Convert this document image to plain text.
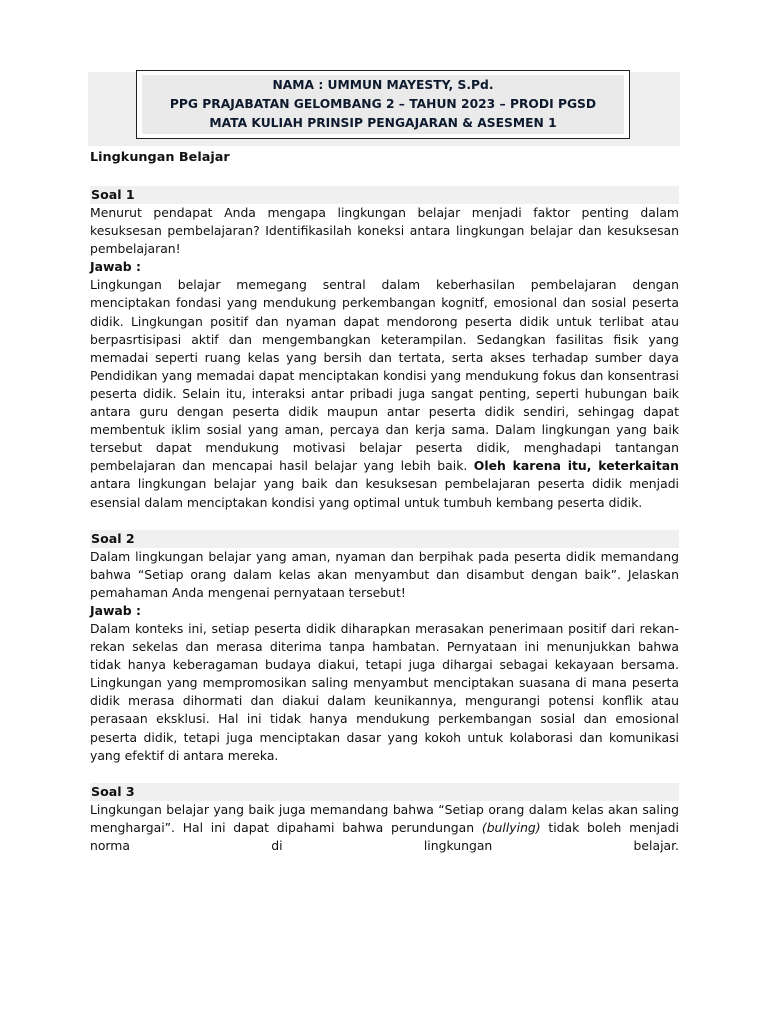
NAMA : UMMUN MAYESTY, S.Pd.
PPG PRAJABATAN GELOMBANG 2 – TAHUN 2023 – PRODI PGSD
MATA KULIAH PRINSIP PENGAJARAN & ASESMEN 1
Lingkungan Belajar
Soal 1

Menurut pendapat Anda mengapa lingkungan belajar menjadi faktor penting dalam kesuksesan pembelajaran? Identifikasilah koneksi antara lingkungan belajar dan kesuksesan pembelajaran!

Jawab :

Lingkungan belajar memegang sentral dalam keberhasilan pembelajaran dengan menciptakan fondasi yang mendukung perkembangan kognitf, emosional dan sosial peserta didik. Lingkungan positif dan nyaman dapat mendorong peserta didik untuk terlibat atau berpasrtisipasi aktif dan mengembangkan keterampilan. Sedangkan fasilitas fisik yang memadai seperti ruang kelas yang bersih dan tertata, serta akses terhadap sumber daya Pendidikan yang memadai dapat menciptakan kondisi yang mendukung fokus dan konsentrasi peserta didik. Selain itu, interaksi antar pribadi juga sangat penting, seperti hubungan baik antara guru dengan peserta didik maupun antar peserta didik sendiri, sehingag dapat membentuk iklim sosial yang aman, percaya dan kerja sama. Dalam lingkungan yang baik tersebut dapat mendukung motivasi belajar peserta didik, menghadapi tantangan pembelajaran dan mencapai hasil belajar yang lebih baik. Oleh karena itu, keterkaitan antara lingkungan belajar yang baik dan kesuksesan pembelajaran peserta didik menjadi esensial dalam menciptakan kondisi yang optimal untuk tumbuh kembang peserta didik.

Soal 2

Dalam lingkungan belajar yang aman, nyaman dan berpihak pada peserta didik memandang bahwa “Setiap orang dalam kelas akan menyambut dan disambut dengan baik”. Jelaskan pemahaman Anda mengenai pernyataan tersebut!

Jawab :

Dalam konteks ini, setiap peserta didik diharapkan merasakan penerimaan positif dari rekan-rekan sekelas dan merasa diterima tanpa hambatan. Pernyataan ini menunjukkan bahwa tidak hanya keberagaman budaya diakui, tetapi juga dihargai sebagai kekayaan bersama. Lingkungan yang mempromosikan saling menyambut menciptakan suasana di mana peserta didik merasa dihormati dan diakui dalam keunikannya, mengurangi potensi konflik atau perasaan eksklusi. Hal ini tidak hanya mendukung perkembangan sosial dan emosional peserta didik, tetapi juga menciptakan dasar yang kokoh untuk kolaborasi dan komunikasi yang efektif di antara mereka.

Soal 3

Lingkungan belajar yang baik juga memandang bahwa “Setiap orang dalam kelas akan saling menghargai”. Hal ini dapat dipahami bahwa perundungan (bullying) tidak boleh menjadi norma di lingkungan belajar.
